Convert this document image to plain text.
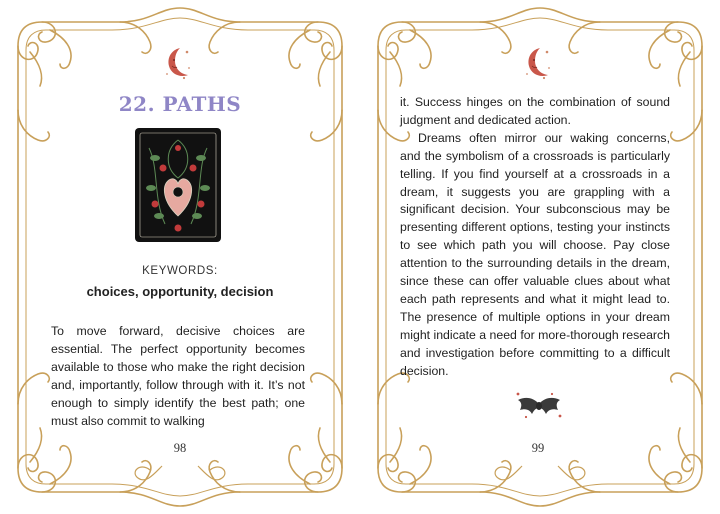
22. PATHS
KEYWORDS:
choices, opportunity, decision

To move forward, decisive choices are essential. The perfect opportunity becomes available to those who make the right decision and, importantly, follow through with it. It’s not enough to simply identify the best path; one must also commit to walking

98

it. Success hinges on the combination of sound judgment and dedicated action.

Dreams often mirror our waking concerns, and the symbolism of a crossroads is particularly telling. If you find yourself at a crossroads in a dream, it suggests you are grappling with a significant decision. Your subconscious may be presenting different options, testing your instincts to see which path you will choose. Pay close attention to the surrounding details in the dream, since these can offer valuable clues about what each path represents and what it might lead to. The presence of multiple options in your dream might indicate a need for more-thorough research and investigation before committing to a difficult decision.

99
